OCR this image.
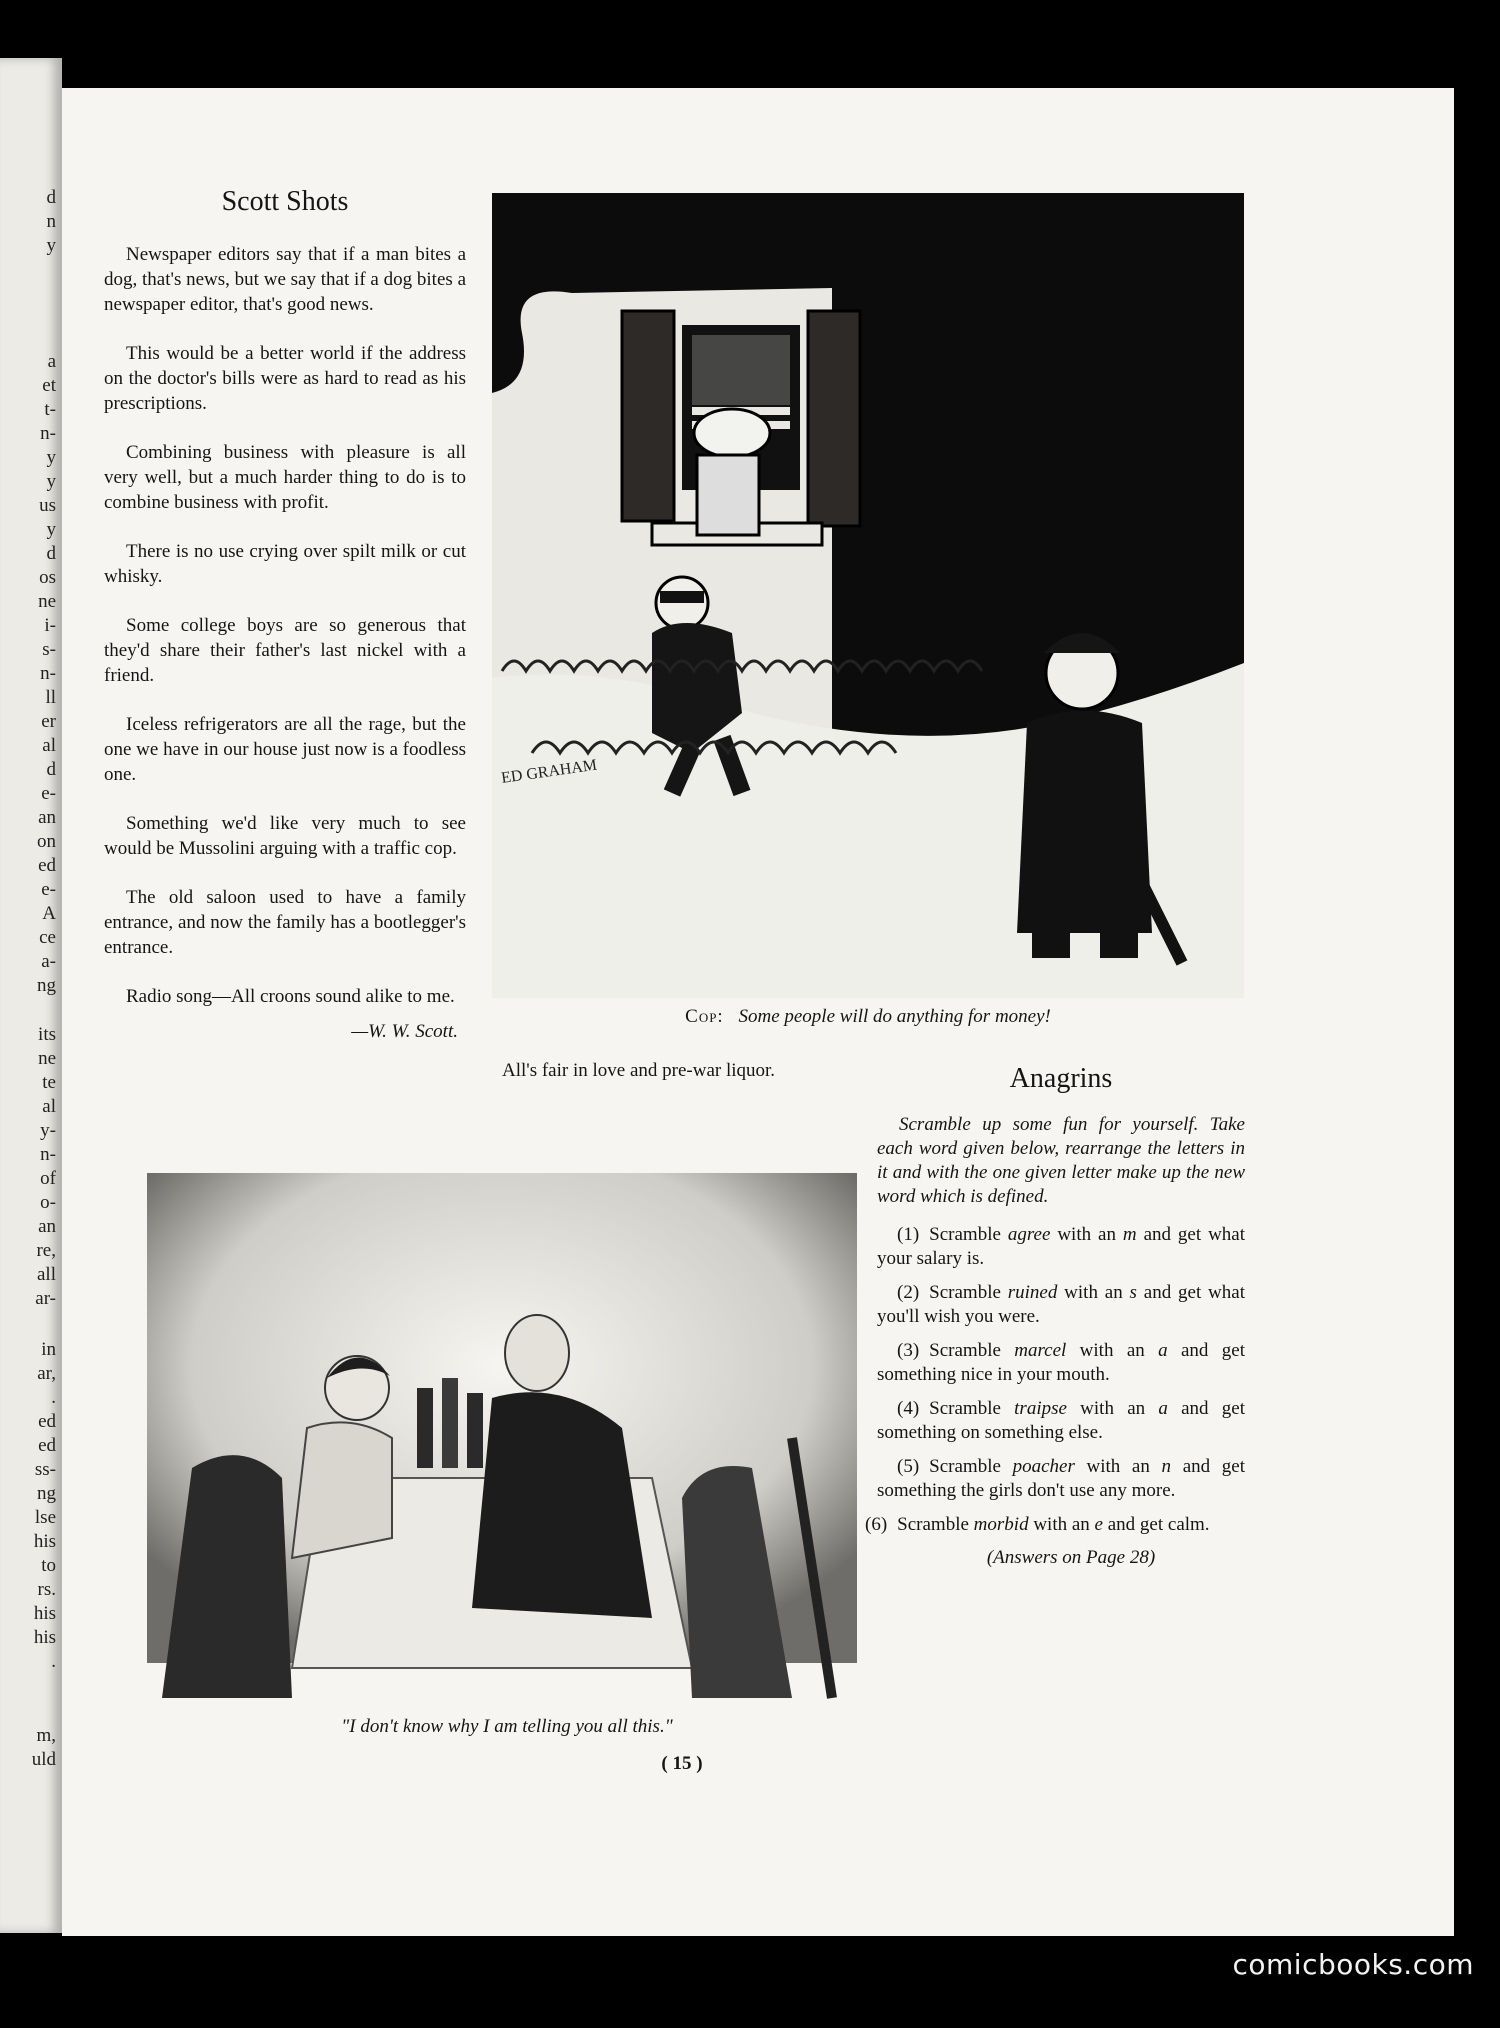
d
n
y
a
et
t-
n-
y
y
us
y
d
os
ne
i-
s-
n-
ll
er
al
d
e-
an
on
ed
e-
A
ce
a-
ng
its
ne
te
al
y-
n-
of
o-
an
re,
all
ar-
in
ar,
.
ed
ed
ss-
ng
lse
his
to
rs.
his
his
.
m,
uld
Scott Shots

Newspaper editors say that if a man bites a dog, that's news, but we say that if a dog bites a newspaper editor, that's good news.

This would be a better world if the address on the doctor's bills were as hard to read as his prescriptions.

Combining business with pleasure is all very well, but a much harder thing to do is to combine business with profit.

There is no use crying over spilt milk or cut whisky.

Some college boys are so generous that they'd share their father's last nickel with a friend.

Iceless refrigerators are all the rage, but the one we have in our house just now is a foodless one.

Something we'd like very much to see would be Mussolini arguing with a traffic cop.

The old saloon used to have a family entrance, and now the family has a bootlegger's entrance.

Radio song—All croons sound alike to me.

—W. W. Scott.
ED GRAHAM
Cop: Some people will do anything for money!
All's fair in love and pre-war liquor.
"I don't know why I am telling you all this."
Anagrins

Scramble up some fun for yourself. Take each word given below, rearrange the letters in it and with the one given letter make up the new word which is defined.

(1) Scramble agree with an m and get what your salary is.

(2) Scramble ruined with an s and get what you'll wish you were.

(3) Scramble marcel with an a and get something nice in your mouth.

(4) Scramble traipse with an a and get something on something else.

(5) Scramble poacher with an n and get something the girls don't use any more.

(6) Scramble morbid with an e and get calm.

(Answers on Page 28)
( 15 )
comicbooks.com
